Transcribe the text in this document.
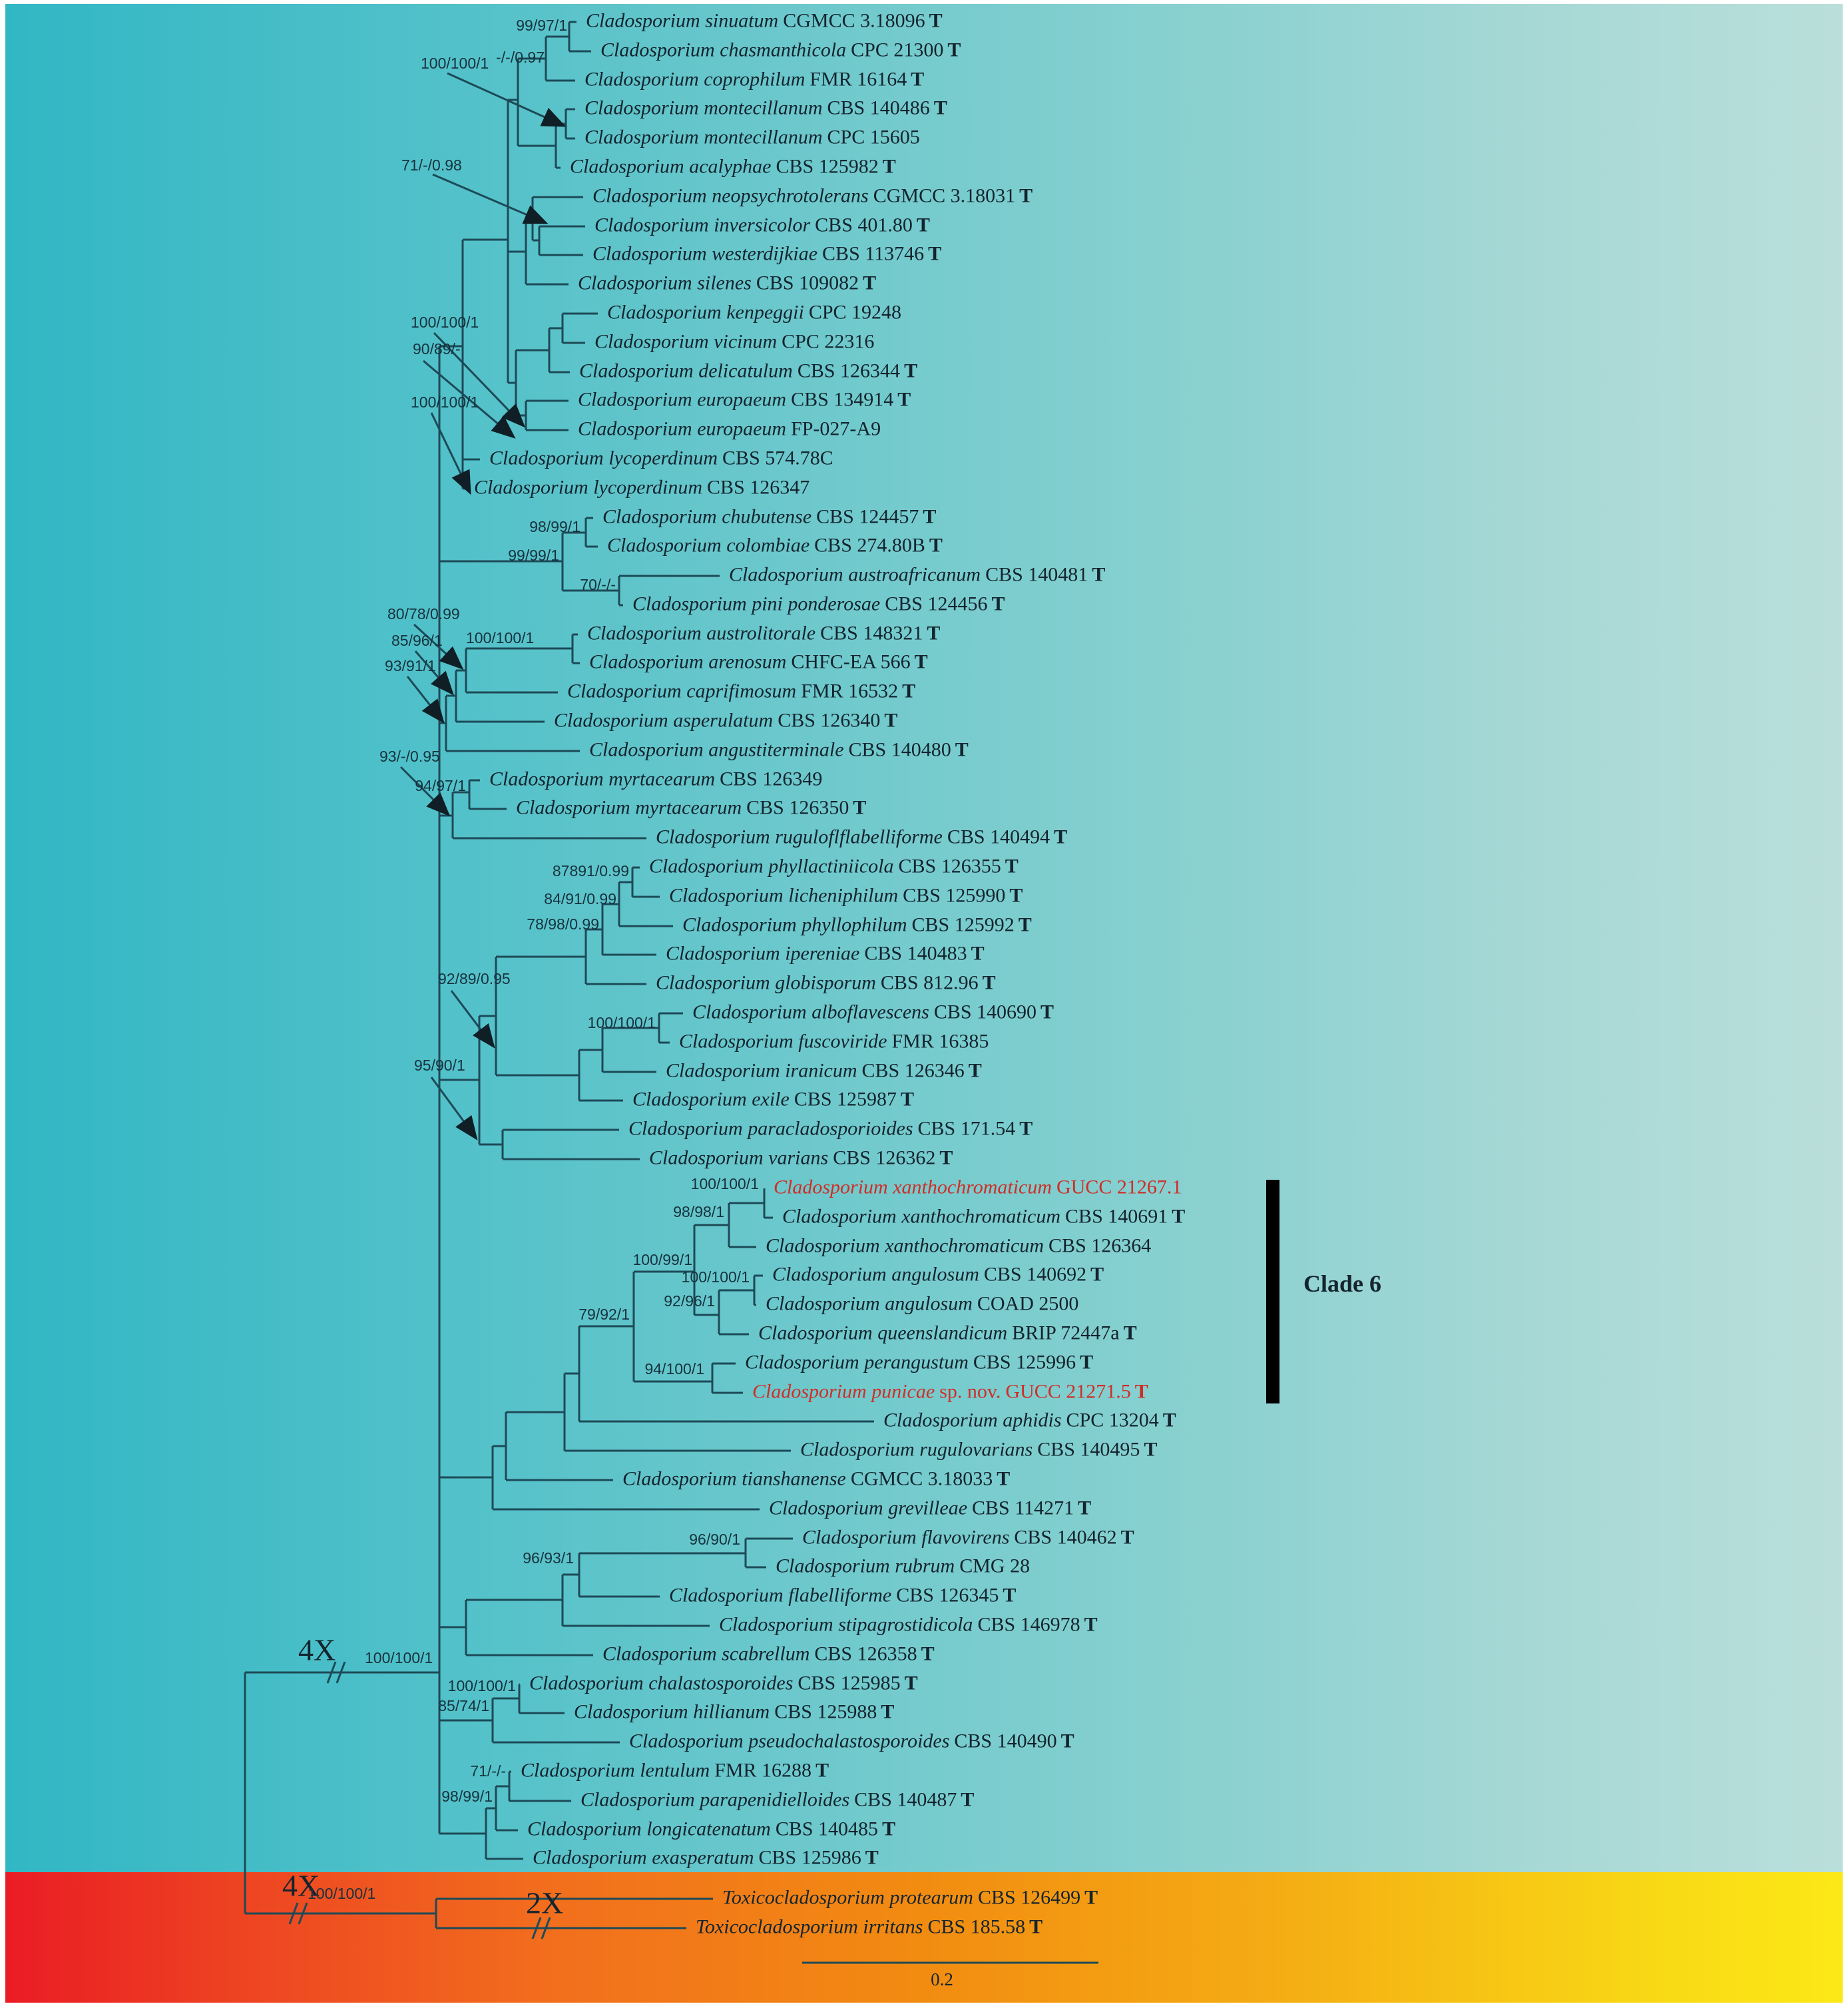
Cladosporium sinuatum CGMCC 3.18096 T
Cladosporium chasmanthicola CPC 21300 T
Cladosporium coprophilum FMR 16164 T
Cladosporium montecillanum CBS 140486 T
Cladosporium montecillanum CPC 15605
Cladosporium acalyphae CBS 125982 T
Cladosporium neopsychrotolerans CGMCC 3.18031 T
Cladosporium inversicolor CBS 401.80 T
Cladosporium westerdijkiae CBS 113746 T
Cladosporium silenes CBS 109082 T
Cladosporium kenpeggii CPC 19248
Cladosporium vicinum CPC 22316
Cladosporium delicatulum CBS 126344 T
Cladosporium europaeum CBS 134914 T
Cladosporium europaeum FP-027-A9
Cladosporium lycoperdinum CBS 574.78C
Cladosporium lycoperdinum CBS 126347
Cladosporium chubutense CBS 124457 T
Cladosporium colombiae CBS 274.80B T
Cladosporium austroafricanum CBS 140481 T
Cladosporium pini ponderosae CBS 124456 T
Cladosporium austrolitorale CBS 148321 T
Cladosporium arenosum CHFC-EA 566 T
Cladosporium caprifimosum FMR 16532 T
Cladosporium asperulatum CBS 126340 T
Cladosporium angustiterminale CBS 140480 T
Cladosporium myrtacearum CBS 126349
Cladosporium myrtacearum CBS 126350 T
Cladosporium ruguloflflabelliforme CBS 140494 T
Cladosporium phyllactiniicola CBS 126355 T
Cladosporium licheniphilum CBS 125990 T
Cladosporium phyllophilum CBS 125992 T
Cladosporium ipereniae CBS 140483 T
Cladosporium globisporum CBS 812.96 T
Cladosporium alboflavescens CBS 140690 T
Cladosporium fuscoviride FMR 16385
Cladosporium iranicum CBS 126346 T
Cladosporium exile CBS 125987 T
Cladosporium paracladosporioides CBS 171.54 T
Cladosporium varians CBS 126362 T
Cladosporium xanthochromaticum GUCC 21267.1
Cladosporium xanthochromaticum CBS 140691 T
Cladosporium xanthochromaticum CBS 126364
Cladosporium angulosum CBS 140692 T
Cladosporium angulosum COAD 2500
Cladosporium queenslandicum BRIP 72447a T
Cladosporium perangustum CBS 125996 T
Cladosporium punicae sp. nov. GUCC 21271.5 T
Cladosporium aphidis CPC 13204 T
Cladosporium rugulovarians CBS 140495 T
Cladosporium tianshanense CGMCC 3.18033 T
Cladosporium grevilleae CBS 114271 T
Cladosporium flavovirens CBS 140462 T
Cladosporium rubrum CMG 28
Cladosporium flabelliforme CBS 126345 T
Cladosporium stipagrostidicola CBS 146978 T
Cladosporium scabrellum CBS 126358 T
Cladosporium chalastosporoides CBS 125985 T
Cladosporium hillianum CBS 125988 T
Cladosporium pseudochalastosporoides CBS 140490 T
Cladosporium lentulum FMR 16288 T
Cladosporium parapenidielloides CBS 140487 T
Cladosporium longicatenatum CBS 140485 T
Cladosporium exasperatum CBS 125986 T
Toxicocladosporium protearum CBS 126499 T
Toxicocladosporium irritans CBS 185.58 T
99/97/1
-/-/0.97
100/100/1
71/-/0.98
100/100/1
90/89/-
100/100/1
98/99/1
99/99/1
70/-/-
80/78/0.99
85/96/1 100/100/1
93/91/1
93/-/0.95
94/97/1
87891/0.99
84/91/0.99
78/98/0.99
92/89/0.95
100/100/1
95/90/1
100/100/1
98/98/1
100/99/1
100/100/1
92/96/1
79/92/1
94/100/1
96/90/1
96/93/1
100/100/1
85/74/1
71/-/-
98/99/1
Clade 6
0.2
4X 100/100/1
4X
100/100/1	2X
